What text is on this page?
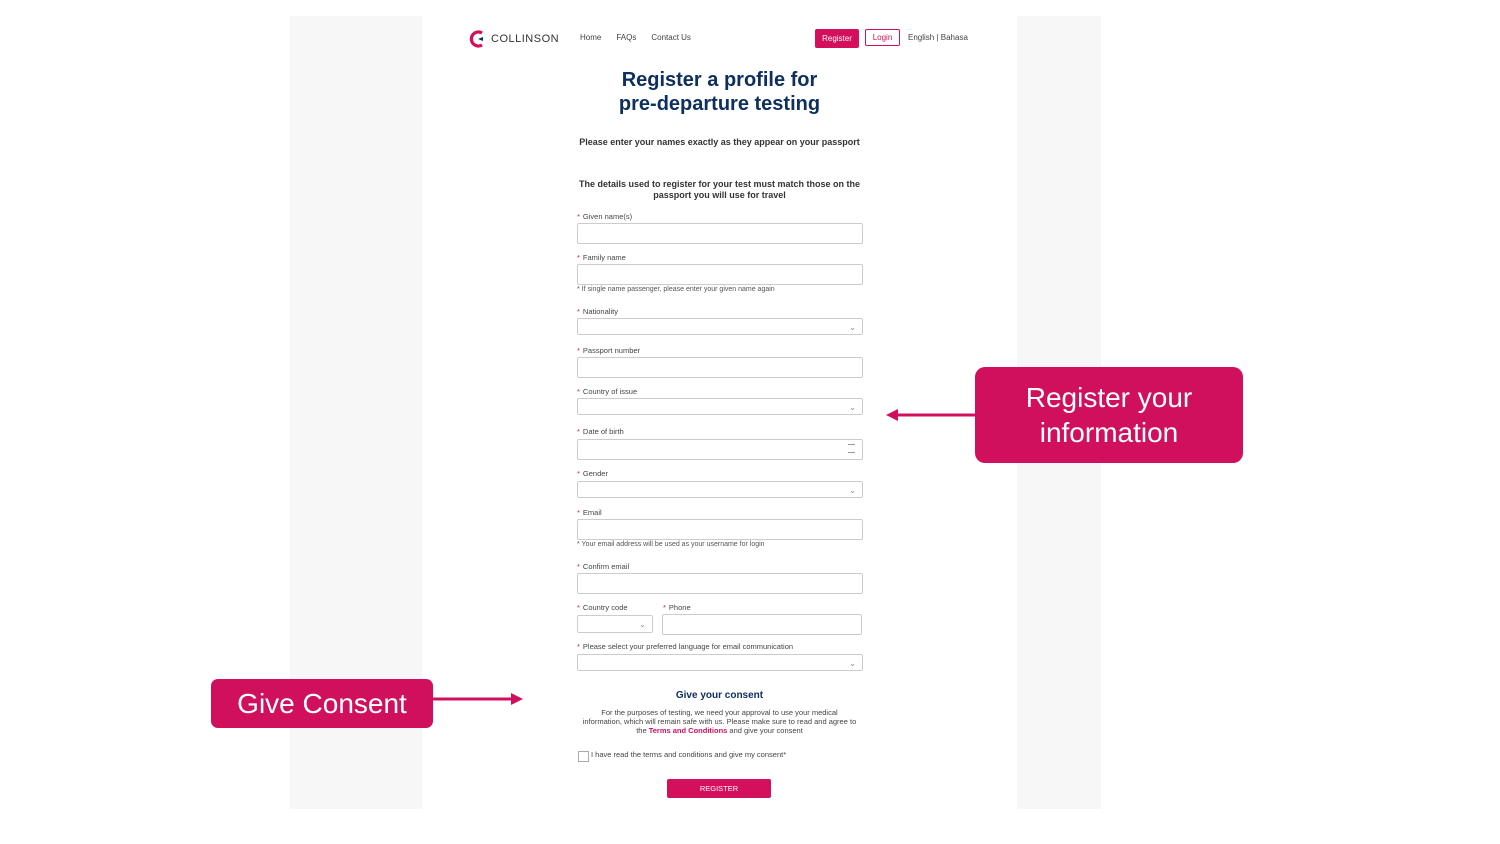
COLLINSON	Home FAQs Contact Us	Register	Login	English | Bahasa
Register a profile for
pre-departure testing
Please enter your names exactly as they appear on your passport
The details used to register for your test must match those on the passport you will use for travel
* Given name(s)
* Family name
* If single name passenger, please enter your given name again
* Nationality
⌄
* Passport number
* Country of issue
⌄
* Date of birth
* Gender
⌄
* Email
* Your email address will be used as your username for login
* Confirm email
* Country code
⌄
* Phone
* Please select your preferred language for email communication
⌄
Give your consent
For the purposes of testing, we need your approval to use your medical information, which will remain safe with us. Please make sure to read and agree to the Terms and Conditions and give your consent
I have read the terms and conditions and give my consent*
REGISTER
Register your information
Give Consent
